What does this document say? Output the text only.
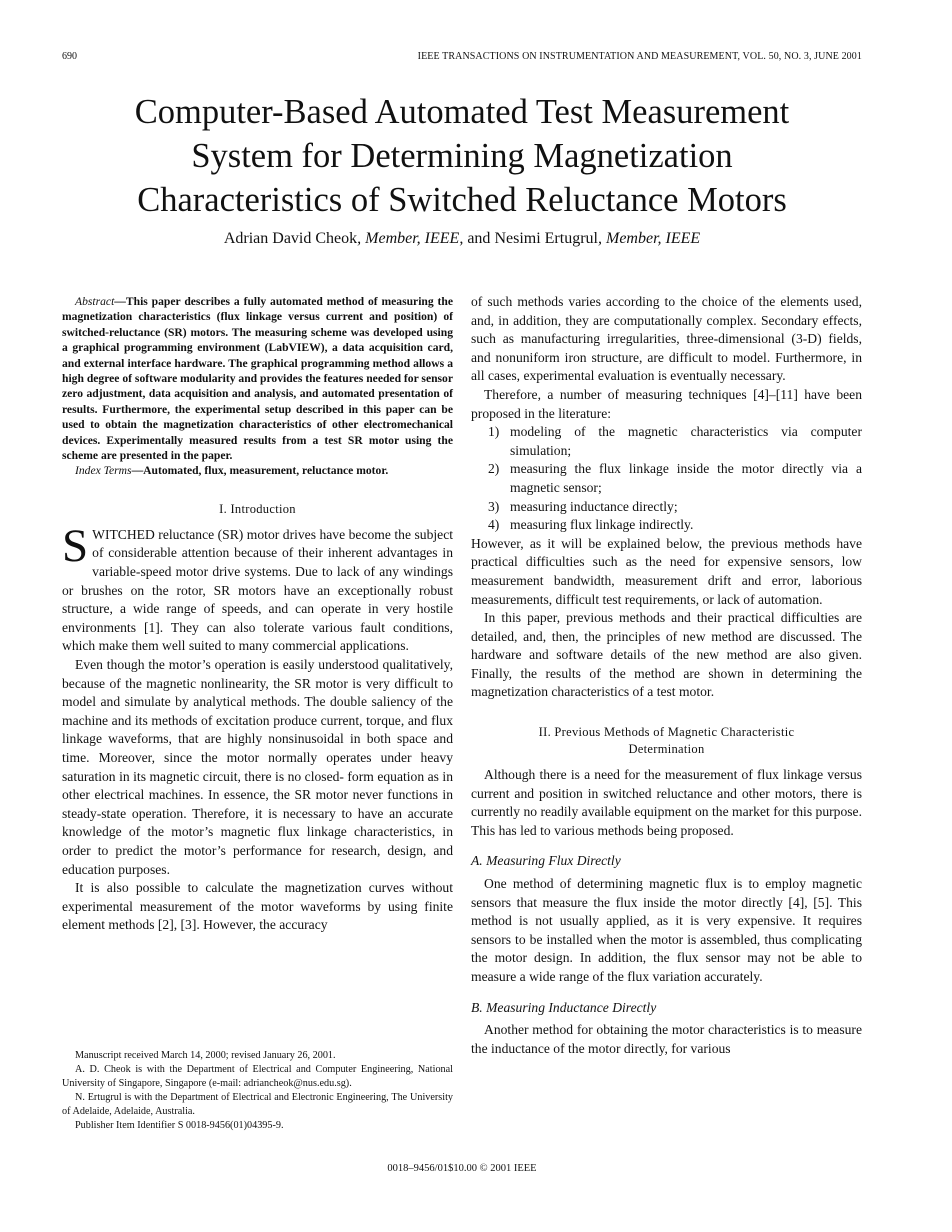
690	IEEE TRANSACTIONS ON INSTRUMENTATION AND MEASUREMENT, VOL. 50, NO. 3, JUNE 2001
Computer-Based Automated Test Measurement
System for Determining Magnetization
Characteristics of Switched Reluctance Motors
Adrian David Cheok, Member, IEEE, and Nesimi Ertugrul, Member, IEEE

Abstract—This paper describes a fully automated method of measuring the magnetization characteristics (flux linkage versus current and position) of switched-reluctance (SR) motors. The measuring scheme was developed using a graphical programming environment (LabVIEW), a data acquisition card, and external interface hardware. The graphical programming method allows a high degree of software modularity and provides the features needed for sensor zero adjustment, data acquisition and analysis, and automated presentation of results. Furthermore, the experimental setup described in this paper can be used to obtain the magnetization characteristics of other electromechanical devices. Experimentally measured results from a test SR motor using the scheme are presented in the paper.

Index Terms—Automated, flux, measurement, reluctance motor.

I. Introduction

SWITCHED reluctance (SR) motor drives have become the subject of considerable attention because of their inherent advantages in variable-speed motor drive systems. Due to lack of any windings or brushes on the rotor, SR motors have an exceptionally robust structure, a wide range of speeds, and can operate in very hostile environments [1]. They can also tolerate various fault conditions, which make them well suited to many commercial applications.

Even though the motor’s operation is easily understood qualitatively, because of the magnetic nonlinearity, the SR motor is very difficult to model and simulate by analytical methods. The double saliency of the machine and its methods of excitation produce current, torque, and flux linkage waveforms, that are highly nonsinusoidal in both space and time. Moreover, since the motor normally operates under heavy saturation in its magnetic circuit, there is no closed- form equation as in other electrical machines. In essence, the SR motor never functions in steady-state operation. Therefore, it is necessary to have an accurate knowledge of the motor’s magnetic flux linkage characteristics, in order to predict the motor’s performance for research, design, and education purposes.

It is also possible to calculate the magnetization curves without experimental measurement of the motor waveforms by using finite element methods [2], [3]. However, the accuracy

Manuscript received March 14, 2000; revised January 26, 2001.

A. D. Cheok is with the Department of Electrical and Computer Engineering, National University of Singapore, Singapore (e-mail: adriancheok@nus.edu.sg).

N. Ertugrul is with the Department of Electrical and Electronic Engineering, The University of Adelaide, Adelaide, Australia.

Publisher Item Identifier S 0018-9456(01)04395-9.

of such methods varies according to the choice of the elements used, and, in addition, they are computationally complex. Secondary effects, such as manufacturing irregularities, three-dimensional (3-D) fields, and nonuniform iron structure, are difficult to model. Furthermore, in all cases, experimental evaluation is eventually necessary.

Therefore, a number of measuring techniques [4]–[11] have been proposed in the literature:

1) modeling of the magnetic characteristics via computer simulation;
2) measuring the flux linkage inside the motor directly via a magnetic sensor;
3) measuring inductance directly;
4) measuring flux linkage indirectly.

However, as it will be explained below, the previous methods have practical difficulties such as the need for expensive sensors, low measurement bandwidth, measurement drift and error, laborious measurements, difficult test requirements, or lack of automation.

In this paper, previous methods and their practical difficulties are detailed, and, then, the principles of new method are discussed. The hardware and software details of the new method are also given. Finally, the results of the method are shown in determining the magnetization characteristics of a test motor.

II. Previous Methods of Magnetic Characteristic
Determination

Although there is a need for the measurement of flux linkage versus current and position in switched reluctance and other motors, there is currently no readily available equipment on the market for this purpose. This has led to various methods being proposed.

A. Measuring Flux Directly

One method of determining magnetic flux is to employ magnetic sensors that measure the flux inside the motor directly [4], [5]. This method is not usually applied, as it is very expensive. It requires sensors to be installed when the motor is assembled, thus complicating the motor design. In addition, the flux sensor may not be able to measure a wide range of the flux variation accurately.

B. Measuring Inductance Directly

Another method for obtaining the motor characteristics is to measure the inductance of the motor directly, for various

0018–9456/01$10.00 © 2001 IEEE
